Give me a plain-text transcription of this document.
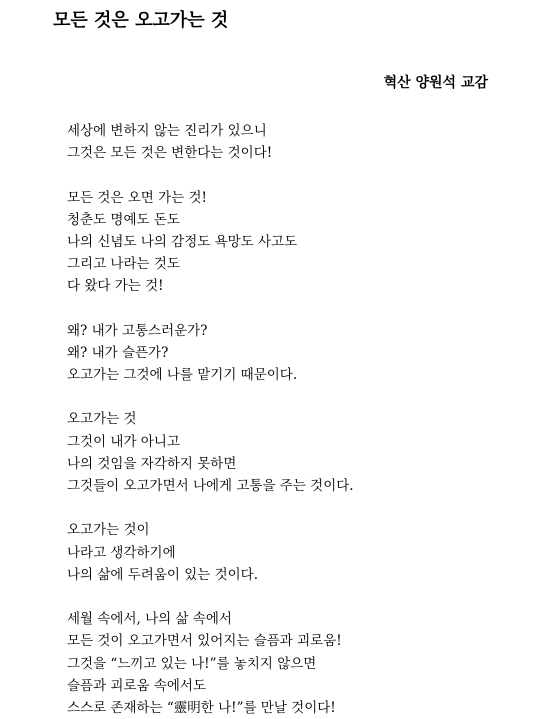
모든 것은 오고가는 것
혁산 양원석 교감
세상에 변하지 않는 진리가 있으니
그것은 모든 것은 변한다는 것이다!
모든 것은 오면 가는 것!
청춘도 명예도 돈도
나의 신념도 나의 감정도 욕망도 사고도
그리고 나라는 것도
다 왔다 가는 것!
왜? 내가 고통스러운가?
왜? 내가 슬픈가?
오고가는 그것에 나를 맡기기 때문이다.
오고가는 것
그것이 내가 아니고
나의 것임을 자각하지 못하면
그것들이 오고가면서 나에게 고통을 주는 것이다.
오고가는 것이
나라고 생각하기에
나의 삶에 두려움이 있는 것이다.
세월 속에서, 나의 삶 속에서
모든 것이 오고가면서 있어지는 슬픔과 괴로움!
그것을 “느끼고 있는 나!”를 놓치지 않으면
슬픔과 괴로움 속에서도
스스로 존재하는 “靈明한 나!”를 만날 것이다!
